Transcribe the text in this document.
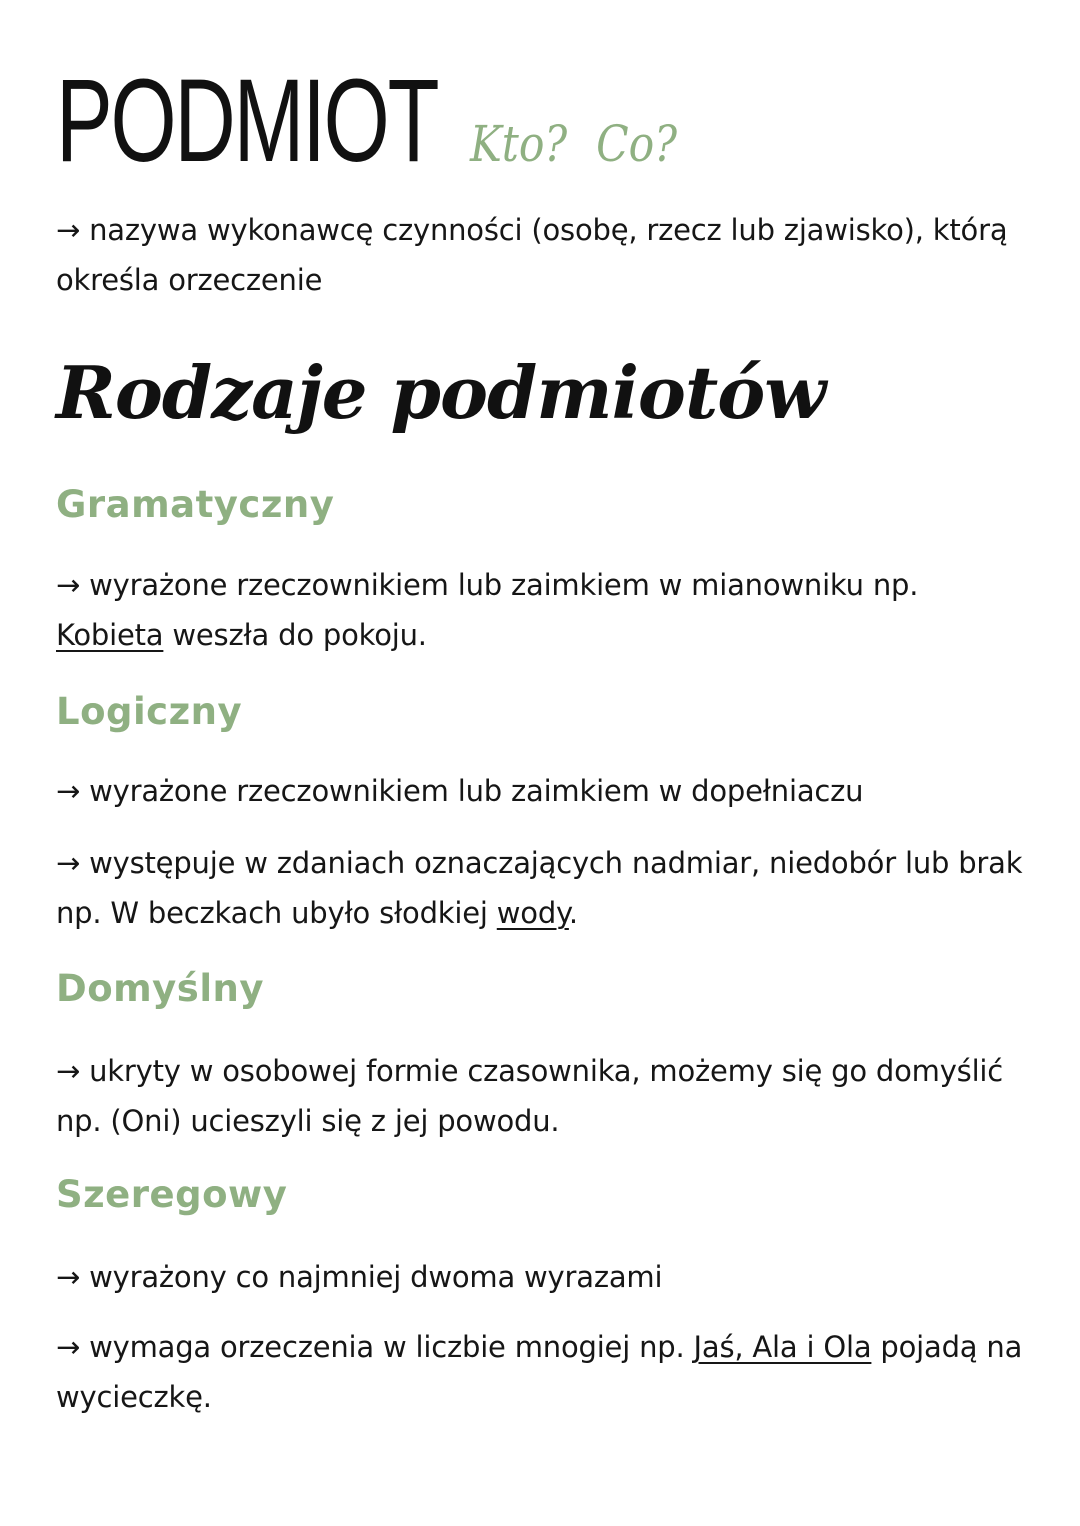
PODMIOT Kto? Co?

→ nazywa wykonawcę czynności (osobę, rzecz lub zjawisko), którą określa orzeczenie

Rodzaje podmiotów
Gramatyczny

→ wyrażone rzeczownikiem lub zaimkiem w mianowniku np. Kobieta weszła do pokoju.

Logiczny

→ wyrażone rzeczownikiem lub zaimkiem w dopełniaczu

→ występuje w zdaniach oznaczających nadmiar, niedobór lub brak np. W beczkach ubyło słodkiej wody.

Domyślny

→ ukryty w osobowej formie czasownika, możemy się go domyślić np. (Oni) ucieszyli się z jej powodu.

Szeregowy

→ wyrażony co najmniej dwoma wyrazami

→ wymaga orzeczenia w liczbie mnogiej np. Jaś, Ala i Ola pojadą na wycieczkę.
